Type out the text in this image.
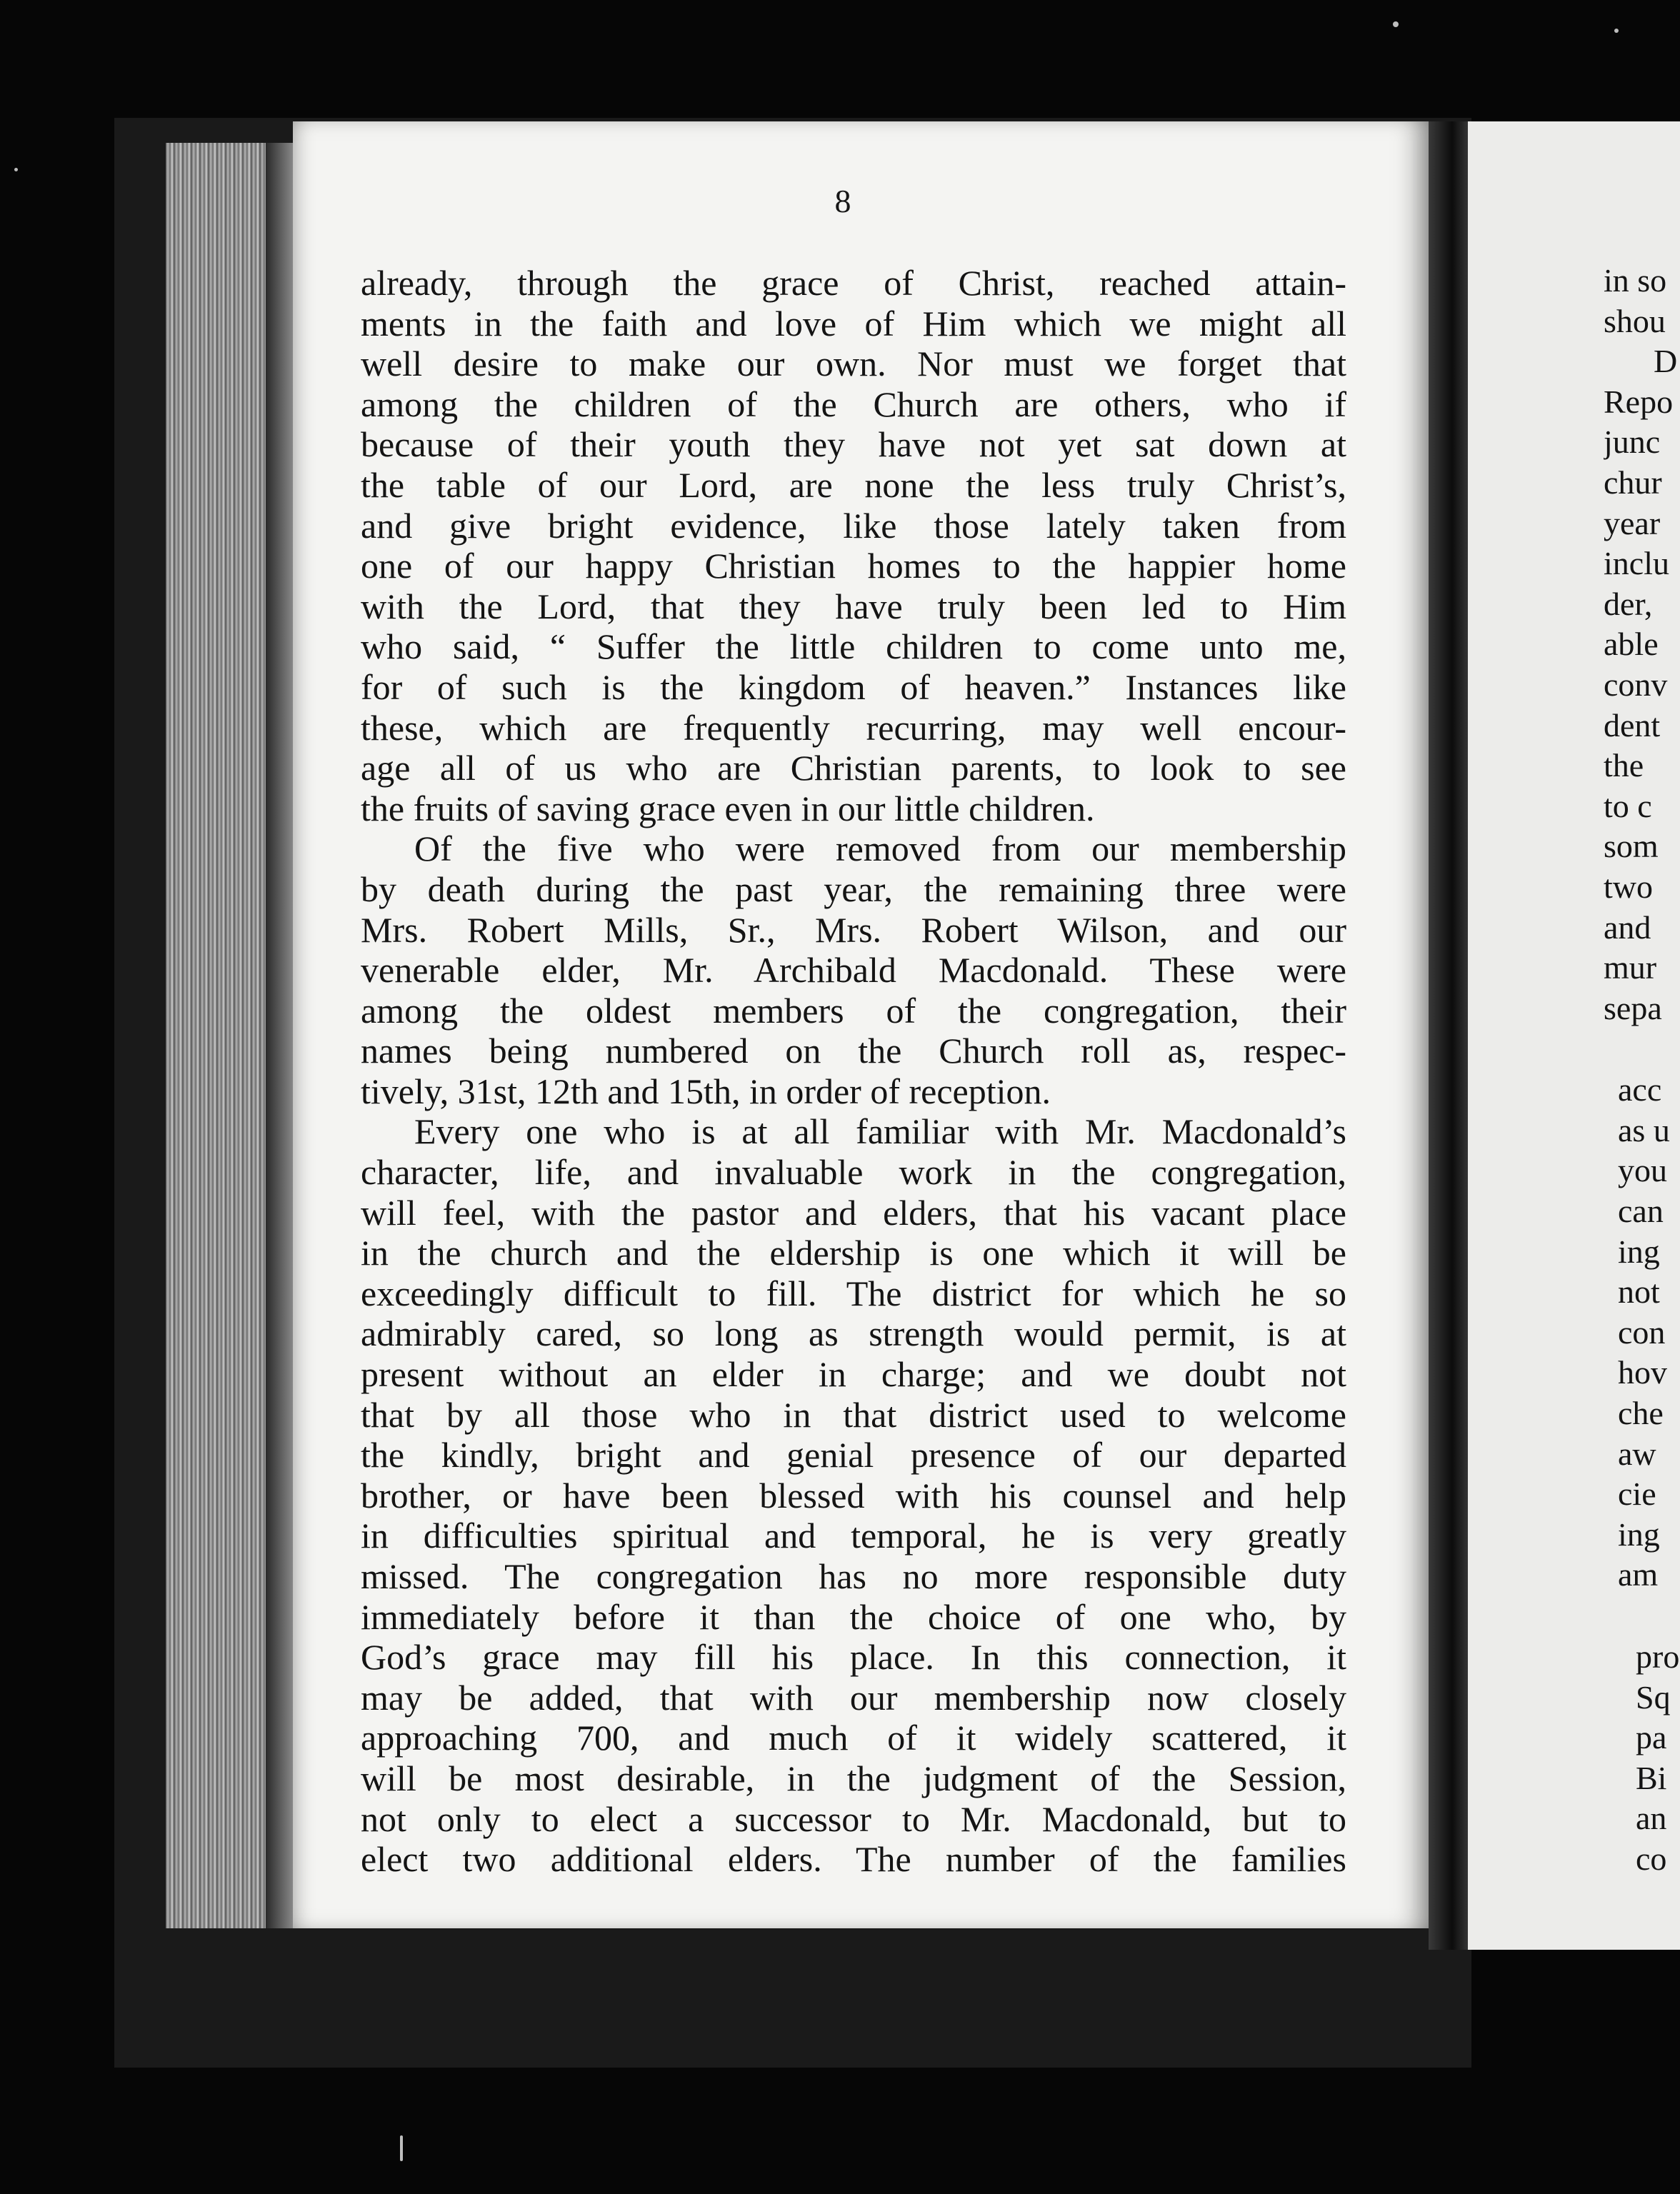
8
already, through the grace of Christ, reached attain-
ments in the faith and love of Him which we might all
well desire to make our own. Nor must we forget that
among the children of the Church are others, who if
because of their youth they have not yet sat down at
the table of our Lord, are none the less truly Christ’s,
and give bright evidence, like those lately taken from
one of our happy Christian homes to the happier home
with the Lord, that they have truly been led to Him
who said, “ Suffer the little children to come unto me,
for of such is the kingdom of heaven.” Instances like
these, which are frequently recurring, may well encour-
age all of us who are Christian parents, to look to see
the fruits of saving grace even in our little children.
Of the five who were removed from our membership
by death during the past year, the remaining three were
Mrs. Robert Mills, Sr., Mrs. Robert Wilson, and our
venerable elder, Mr. Archibald Macdonald. These were
among the oldest members of the congregation, their
names being numbered on the Church roll as, respec-
tively, 31st, 12th and 15th, in order of reception.
Every one who is at all familiar with Mr. Macdonald’s
character, life, and invaluable work in the congregation,
will feel, with the pastor and elders, that his vacant place
in the church and the eldership is one which it will be
exceedingly difficult to fill. The district for which he so
admirably cared, so long as strength would permit, is at
present without an elder in charge; and we doubt not
that by all those who in that district used to welcome
the kindly, bright and genial presence of our departed
brother, or have been blessed with his counsel and help
in difficulties spiritual and temporal, he is very greatly
missed. The congregation has no more responsible duty
immediately before it than the choice of one who, by
God’s grace may fill his place. In this connection, it
may be added, that with our membership now closely
approaching 700, and much of it widely scattered, it
will be most desirable, in the judgment of the Session,
not only to elect a successor to Mr. Macdonald, but to
elect two additional elders. The number of the families
in so
shou
D
Repo
junc
chur
year
inclu
der,
able
conv
dent
the
to c
som
two
and
mur
sepa
acc
as u
you
can
ing
not
con
hov
che
aw
cie
ing
am
pro
Sq
pa
Bi
an
co
